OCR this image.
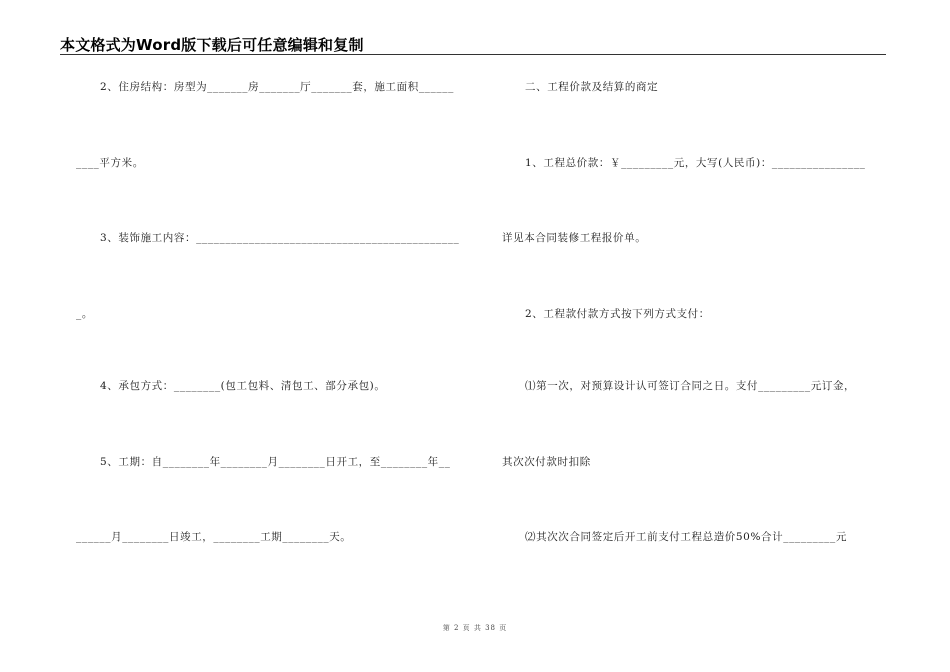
本文格式为Word版下载后可任意编辑和复制
2、住房结构：房型为_______房_______厅_______套，施工面积______
____平方米。
3、装饰施工内容：_____________________________________________
_。
4、承包方式：________(包工包料、清包工、部分承包)。
5、工期：自________年________月________日开工，至________年__
______月________日竣工，________工期________天。
二、工程价款及结算的商定
1、工程总价款：￥_________元，大写(人民币)：________________
详见本合同装修工程报价单。
2、工程款付款方式按下列方式支付：
⑴第一次，对预算设计认可签订合同之日。支付_________元订金，
其次次付款时扣除
⑵其次次合同签定后开工前支付工程总造价50%合计_________元
第 2 页 共 38 页
